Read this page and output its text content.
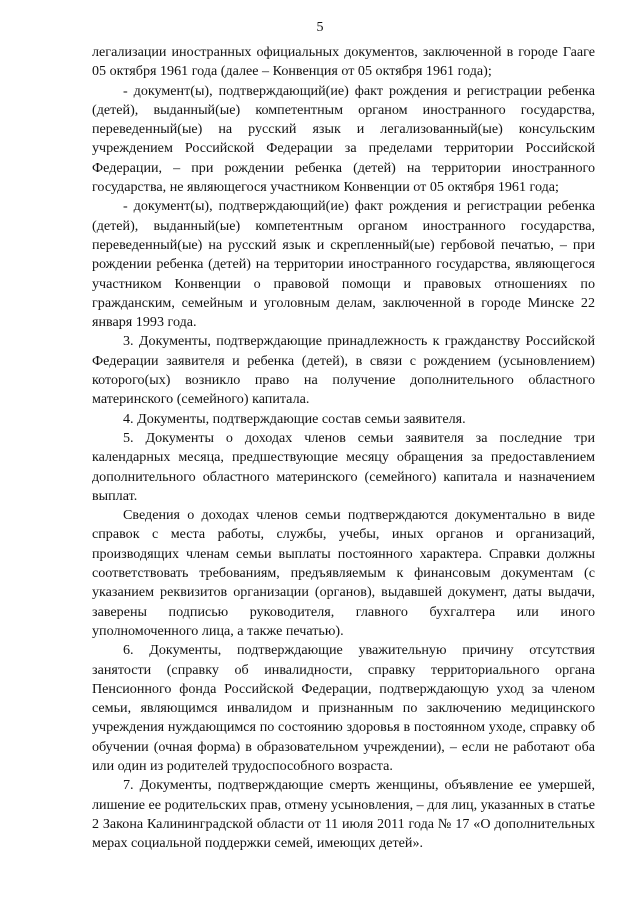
5

легализации иностранных официальных документов, заключенной в городе Гааге 05 октября 1961 года (далее – Конвенция от 05 октября 1961 года);

- документ(ы), подтверждающий(ие) факт рождения и регистрации ребенка (детей), выданный(ые) компетентным органом иностранного государства, переведенный(ые) на русский язык и легализованный(ые) консульским учреждением Российской Федерации за пределами территории Российской Федерации, – при рождении ребенка (детей) на территории иностранного государства, не являющегося участником Конвенции от 05 октября 1961 года;

- документ(ы), подтверждающий(ие) факт рождения и регистрации ребенка (детей), выданный(ые) компетентным органом иностранного государства, переведенный(ые) на русский язык и скрепленный(ые) гербовой печатью, – при рождении ребенка (детей) на территории иностранного государства, являющегося участником Конвенции о правовой помощи и правовых отношениях по гражданским, семейным и уголовным делам, заключенной в городе Минске 22 января 1993 года.

3. Документы, подтверждающие принадлежность к гражданству Российской Федерации заявителя и ребенка (детей), в связи с рождением (усыновлением) которого(ых) возникло право на получение дополнительного областного материнского (семейного) капитала.

4. Документы, подтверждающие состав семьи заявителя.

5. Документы о доходах членов семьи заявителя за последние три календарных месяца, предшествующие месяцу обращения за предоставлением дополнительного областного материнского (семейного) капитала и назначением выплат.

Сведения о доходах членов семьи подтверждаются документально в виде справок с места работы, службы, учебы, иных органов и организаций, производящих членам семьи выплаты постоянного характера. Справки должны соответствовать требованиям, предъявляемым к финансовым документам (с указанием реквизитов организации (органов), выдавшей документ, даты выдачи, заверены подписью руководителя, главного бухгалтера или иного уполномоченного лица, а также печатью).

6. Документы, подтверждающие уважительную причину отсутствия занятости (справку об инвалидности, справку территориального органа Пенсионного фонда Российской Федерации, подтверждающую уход за членом семьи, являющимся инвалидом и признанным по заключению медицинского учреждения нуждающимся по состоянию здоровья в постоянном уходе, справку об обучении (очная форма) в образовательном учреждении), – если не работают оба или один из родителей трудоспособного возраста.

7. Документы, подтверждающие смерть женщины, объявление ее умершей, лишение ее родительских прав, отмену усыновления, – для лиц, указанных в статье 2 Закона Калининградской области от 11 июля 2011 года № 17 «О дополнительных мерах социальной поддержки семей, имеющих детей».
